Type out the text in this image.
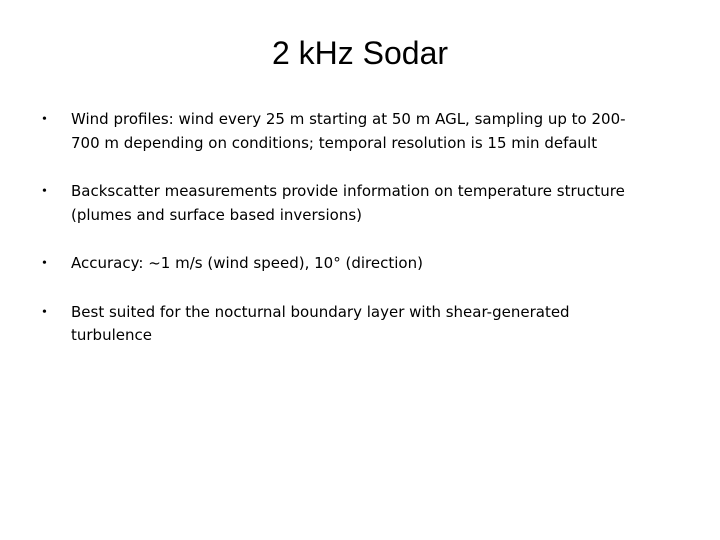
2 kHz Sodar
• Wind profiles: wind every 25 m starting at 50 m AGL, sampling up to 200-700 m depending on conditions; temporal resolution is 15 min default
• Backscatter measurements provide information on temperature structure (plumes and surface based inversions)
• Accuracy: ~1 m/s (wind speed), 10° (direction)
• Best suited for the nocturnal boundary layer with shear-generated turbulence
